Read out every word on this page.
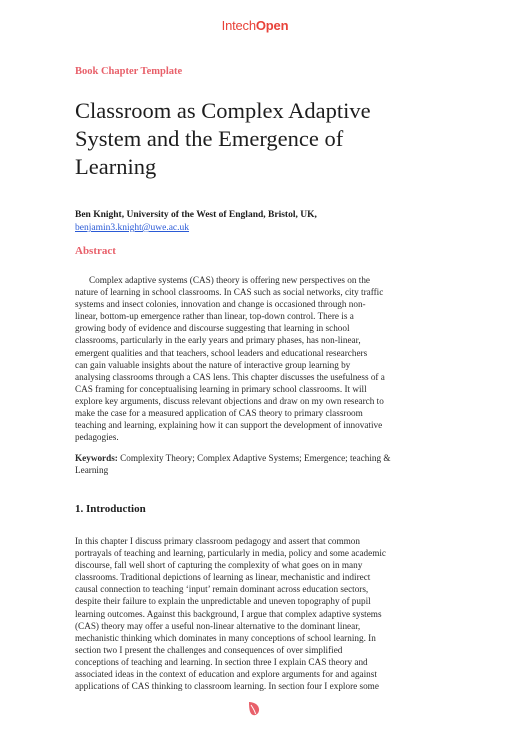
IntechOpen
Book Chapter Template
Classroom as Complex Adaptive
System and the Emergence of
Learning
Ben Knight, University of the West of England, Bristol, UK,
benjamin3.knight@uwe.ac.uk
Abstract
Complex adaptive systems (CAS) theory is offering new perspectives on the
nature of learning in school classrooms. In CAS such as social networks, city traffic
systems and insect colonies, innovation and change is occasioned through non-
linear, bottom-up emergence rather than linear, top-down control. There is a
growing body of evidence and discourse suggesting that learning in school
classrooms, particularly in the early years and primary phases, has non-linear,
emergent qualities and that teachers, school leaders and educational researchers
can gain valuable insights about the nature of interactive group learning by
analysing classrooms through a CAS lens. This chapter discusses the usefulness of a
CAS framing for conceptualising learning in primary school classrooms. It will
explore key arguments, discuss relevant objections and draw on my own research to
make the case for a measured application of CAS theory to primary classroom
teaching and learning, explaining how it can support the development of innovative
pedagogies.
Keywords: Complexity Theory; Complex Adaptive Systems; Emergence; teaching &
Learning
1. Introduction
In this chapter I discuss primary classroom pedagogy and assert that common
portrayals of teaching and learning, particularly in media, policy and some academic
discourse, fall well short of capturing the complexity of what goes on in many
classrooms. Traditional depictions of learning as linear, mechanistic and indirect
causal connection to teaching ‘input’ remain dominant across education sectors,
despite their failure to explain the unpredictable and uneven topography of pupil
learning outcomes. Against this background, I argue that complex adaptive systems
(CAS) theory may offer a useful non-linear alternative to the dominant linear,
mechanistic thinking which dominates in many conceptions of school learning. In
section two I present the challenges and consequences of over simplified
conceptions of teaching and learning. In section three I explain CAS theory and
associated ideas in the context of education and explore arguments for and against
applications of CAS thinking to classroom learning. In section four I explore some
